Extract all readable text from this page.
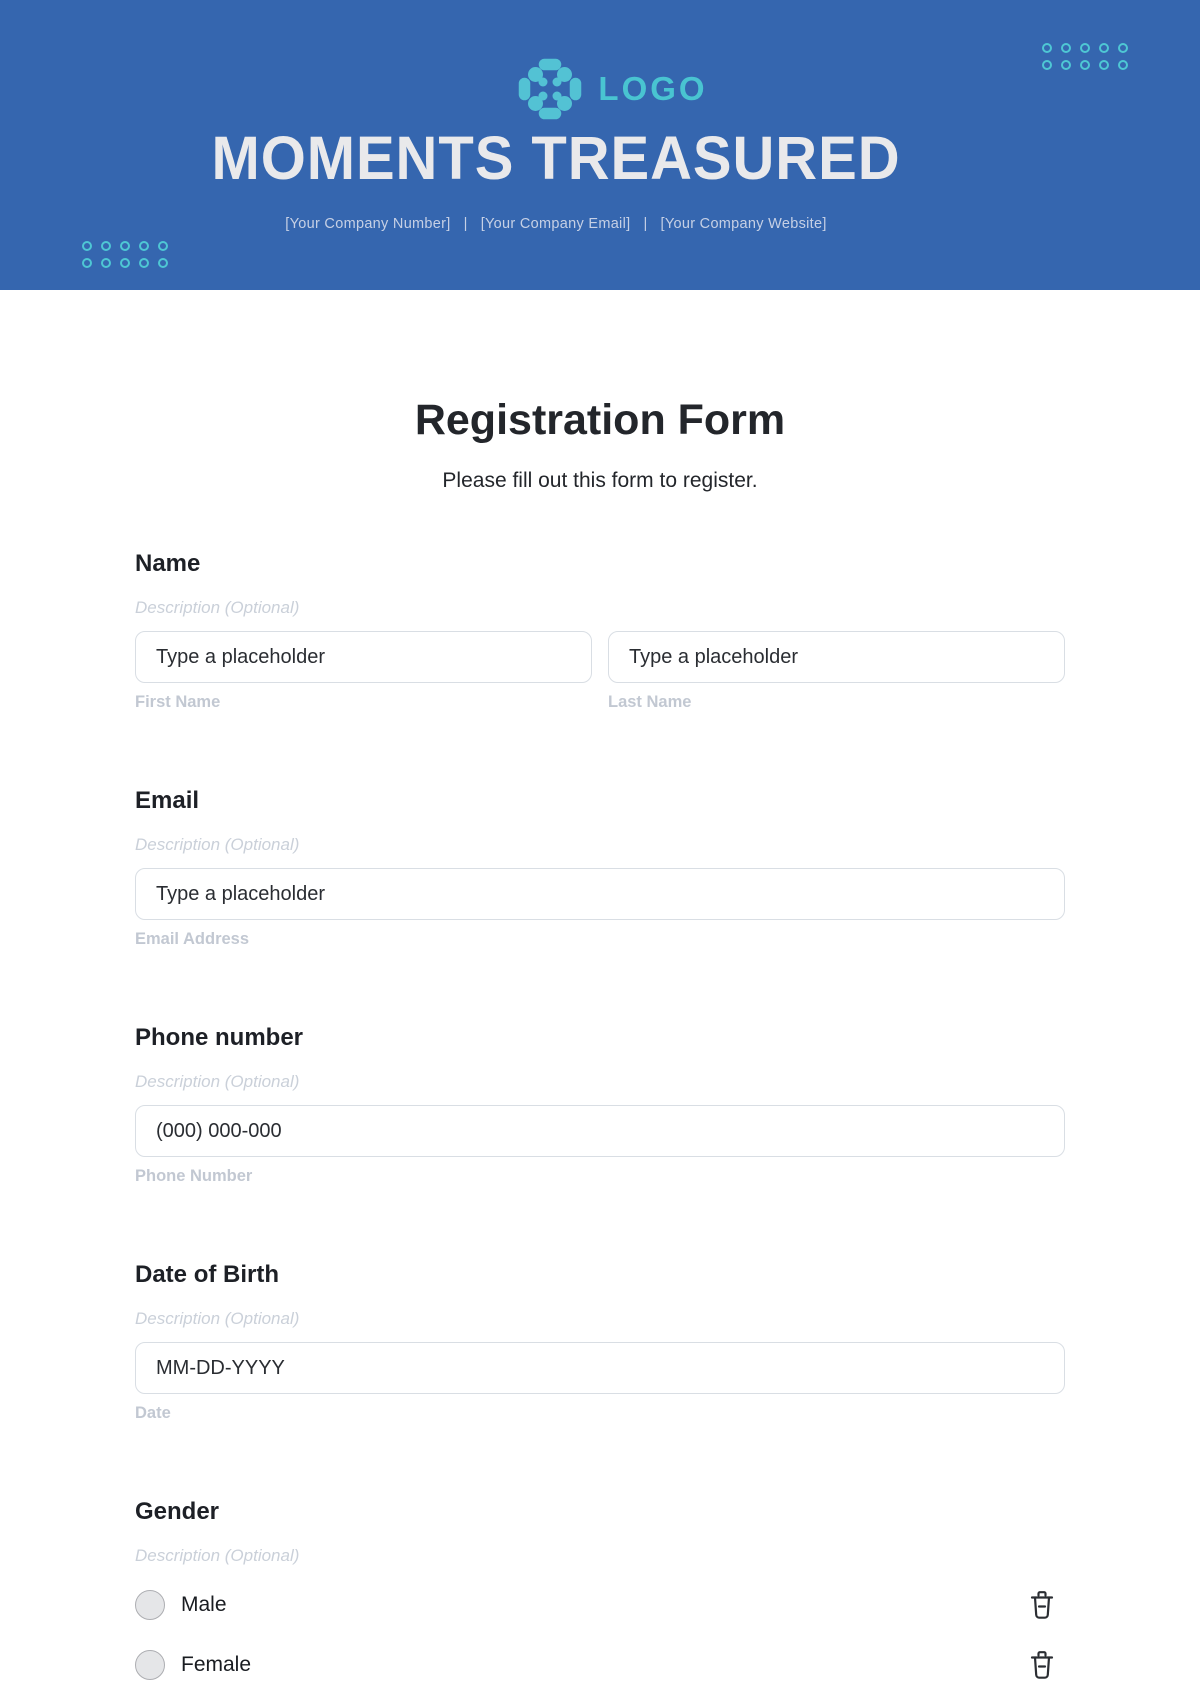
LOGO
MOMENTS TREASURED
[Your Company Number] | [Your Company Email] | [Your Company Website]
Registration Form

Please fill out this form to register.

Name

Description (Optional)

Type a placeholder
First Name
Type a placeholder	Last Name
Email

Description (Optional)

Type a placeholder
Email Address
Phone number

Description (Optional)

(000) 000-000
Phone Number
Date of Birth

Description (Optional)

MM-DD-YYYY
Date
Gender

Description (Optional)

Male
Female
